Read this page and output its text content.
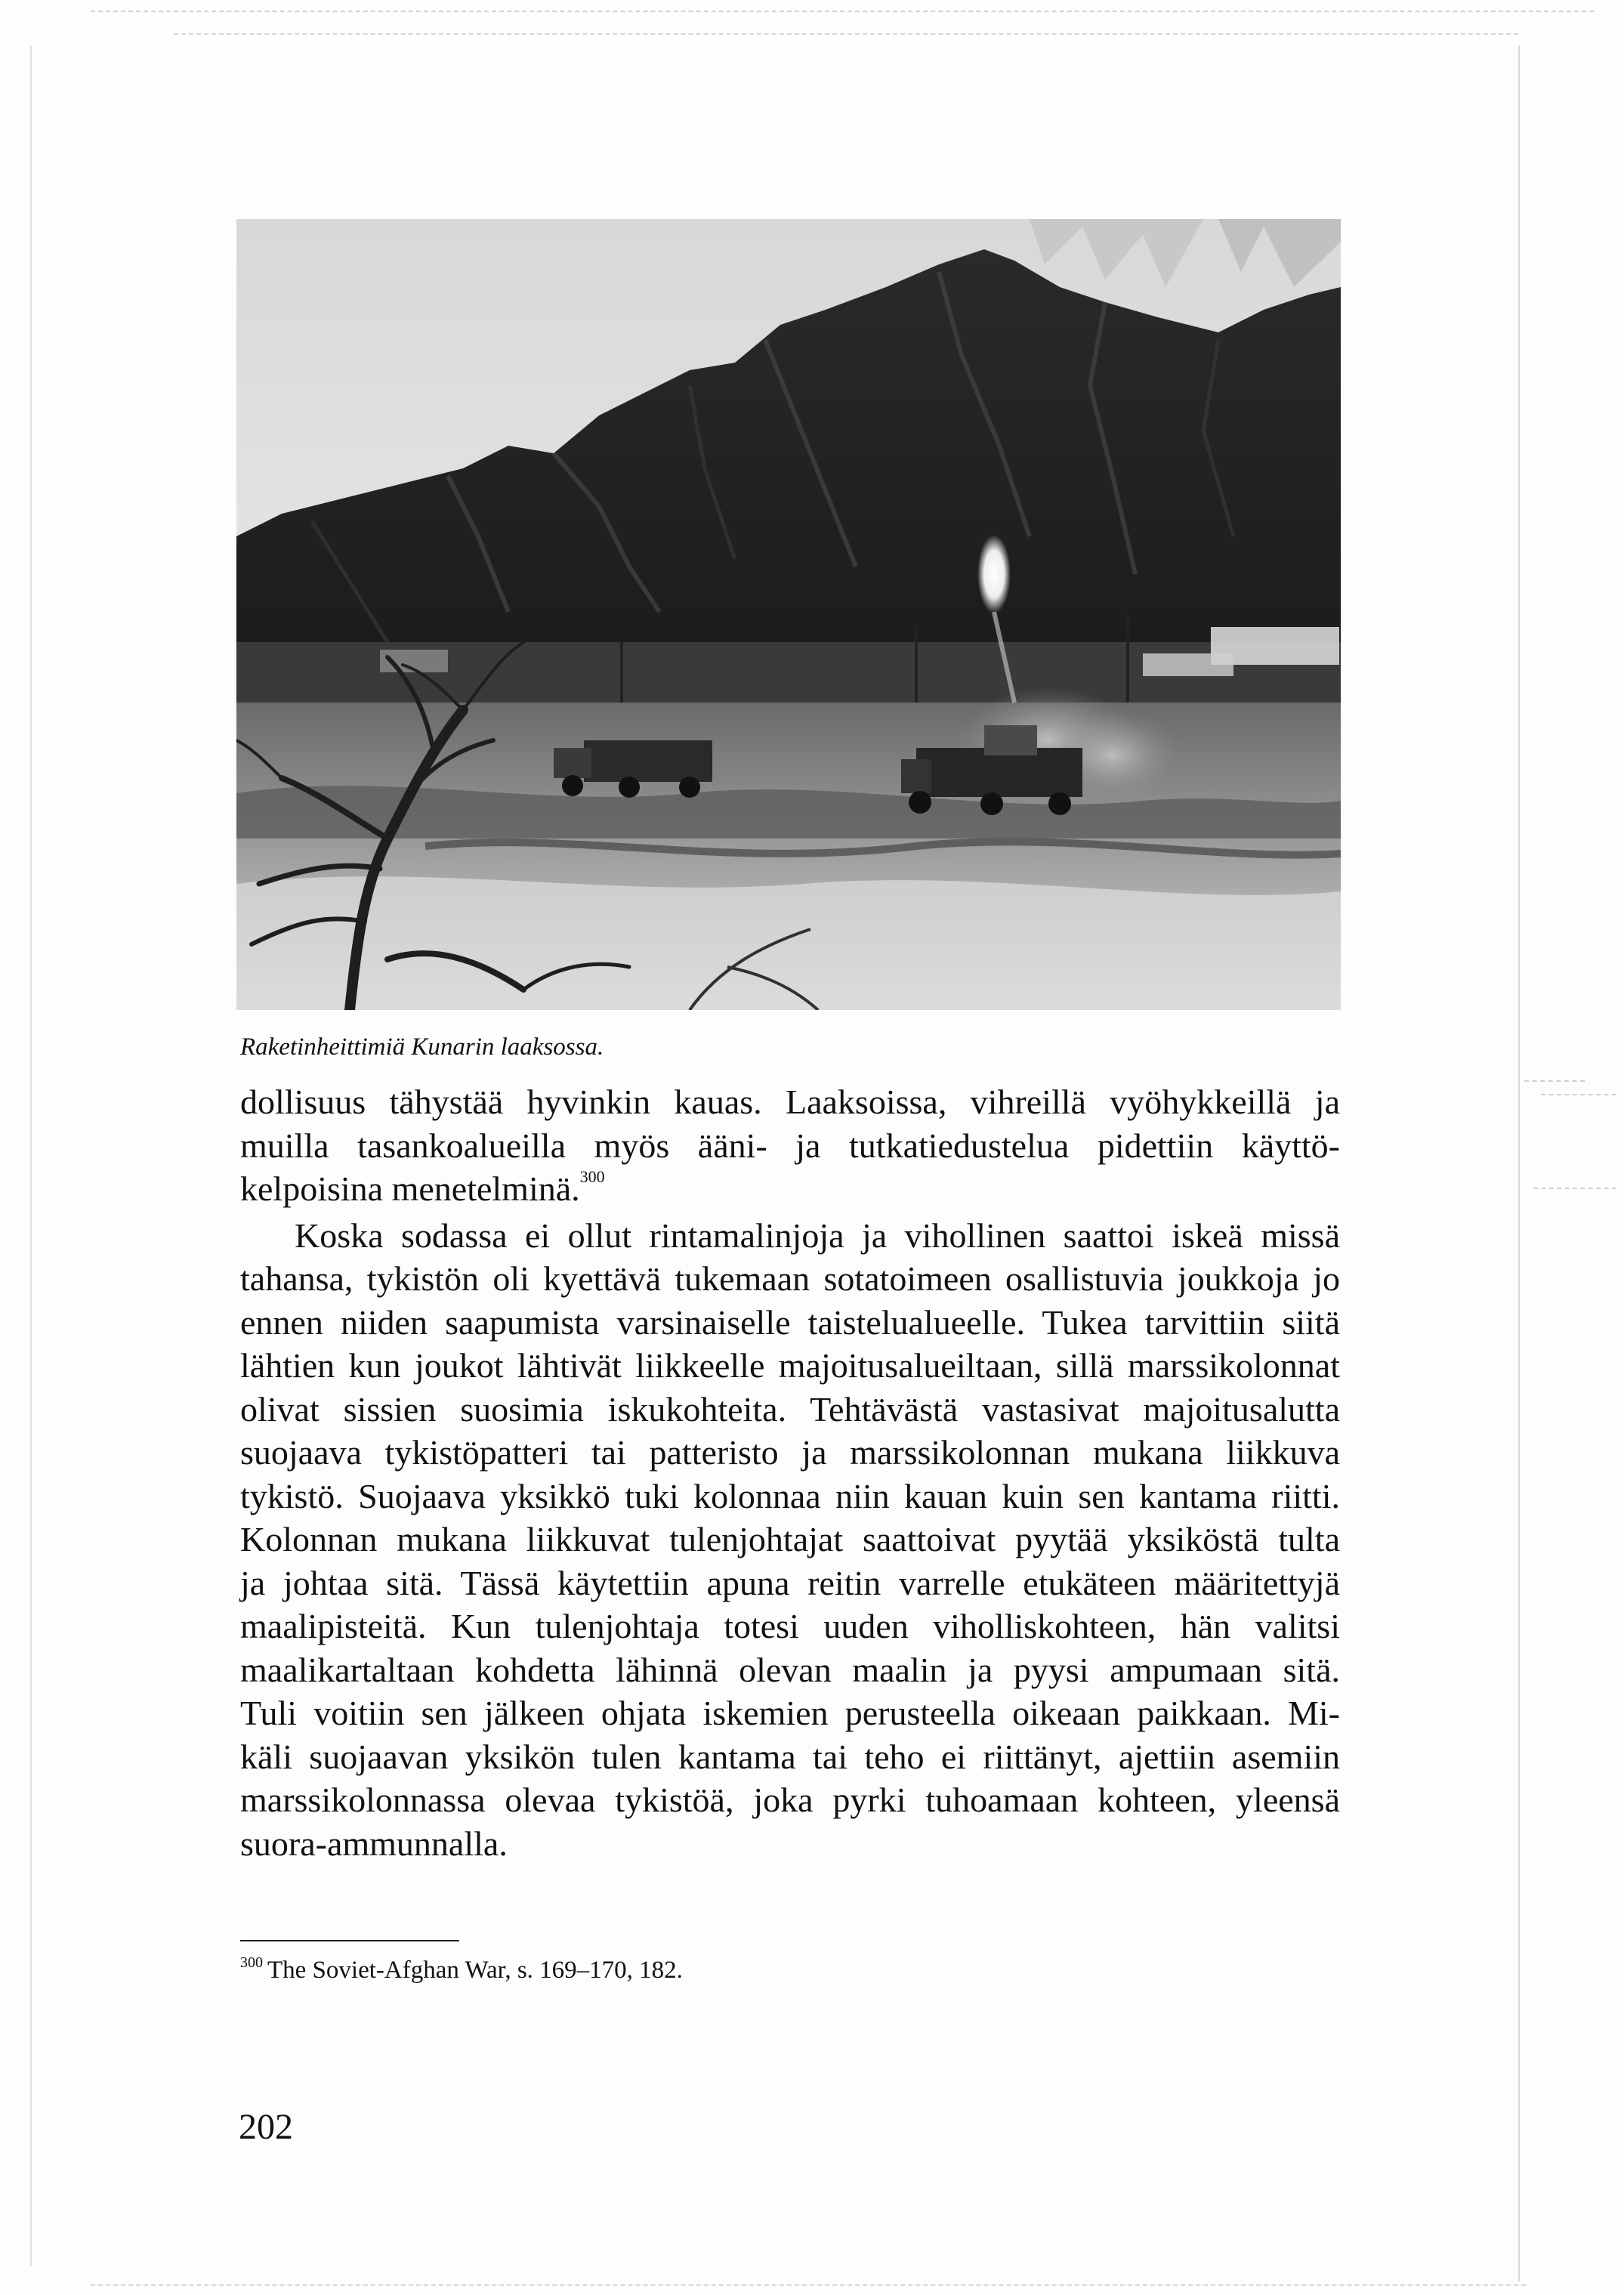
Raketinheittimiä Kunarin laaksossa.
dollisuus tähystää hyvinkin kauas. Laaksoissa, vihreillä vyöhykkeillä ja
muilla tasankoalueilla myös ääni- ja tutkatiedustelua pidettiin käyttö-
kelpoisina menetelminä.$^{300}$
Koska sodassa ei ollut rintamalinjoja ja vihollinen saattoi iskeä missä
tahansa, tykistön oli kyettävä tukemaan sotatoimeen osallistuvia joukkoja jo
ennen niiden saapumista varsinaiselle taistelualueelle. Tukea tarvittiin siitä
lähtien kun joukot lähtivät liikkeelle majoitusalueiltaan, sillä marssikolonnat
olivat sissien suosimia iskukohteita. Tehtävästä vastasivat majoitusalutta
suojaava tykistöpatteri tai patteristo ja marssikolonnan mukana liikkuva
tykistö. Suojaava yksikkö tuki kolonnaa niin kauan kuin sen kantama riitti.
Kolonnan mukana liikkuvat tulenjohtajat saattoivat pyytää yksiköstä tulta
ja johtaa sitä. Tässä käytettiin apuna reitin varrelle etukäteen määritettyjä
maalipisteitä. Kun tulenjohtaja totesi uuden viholliskohteen, hän valitsi
maalikartaltaan kohdetta lähinnä olevan maalin ja pyysi ampumaan sitä.
Tuli voitiin sen jälkeen ohjata iskemien perusteella oikeaan paikkaan. Mi-
käli suojaavan yksikön tulen kantama tai teho ei riittänyt, ajettiin asemiin
marssikolonnassa olevaa tykistöä, joka pyrki tuhoamaan kohteen, yleensä
suora-ammunnalla.
$^{300}$ The Soviet-Afghan War, s. 169–170, 182.
202
